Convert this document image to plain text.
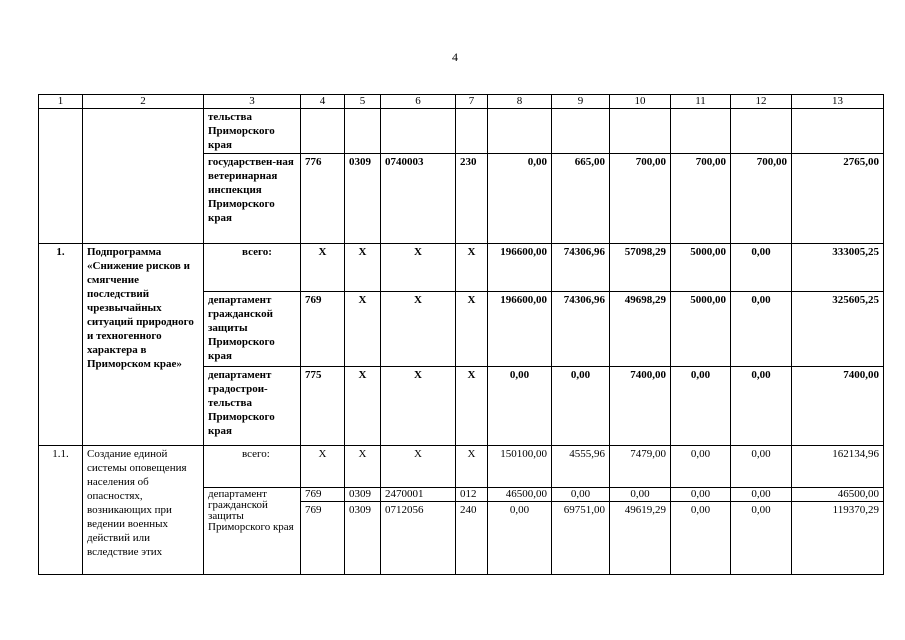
4
1	2	3	4	5	6	7	8	9	10	11	12	13
		тельства Приморского края										
		государствен-ная ветеринарная инспекция Приморского края	776	0309	0740003	230	0,00	665,00	700,00	700,00	700,00	2765,00
1.	Подпрограмма «Снижение рисков и смягчение последствий чрезвычайных ситуаций природного и техногенного характера в Приморском крае»	всего:	Х	Х	Х	Х	196600,00	74306,96	57098,29	5000,00	0,00	333005,25
		департамент гражданской защиты Приморского края	769	Х	Х	Х	196600,00	74306,96	49698,29	5000,00	0,00	325605,25
		департамент градострои-тельства Приморского края	775	Х	Х	Х	0,00	0,00	7400,00	0,00	0,00	7400,00
1.1.	Создание единой системы оповещения населения об опасностях, возникающих при ведении военных действий или вследствие этих	всего:	Х	Х	Х	Х	150100,00	4555,96	7479,00	0,00	0,00	162134,96
		департамент гражданской защиты Приморского края	769	0309	2470001	012	46500,00	0,00	0,00	0,00	0,00	46500,00
			769	0309	0712056	240	0,00	69751,00	49619,29	0,00	0,00	119370,29
